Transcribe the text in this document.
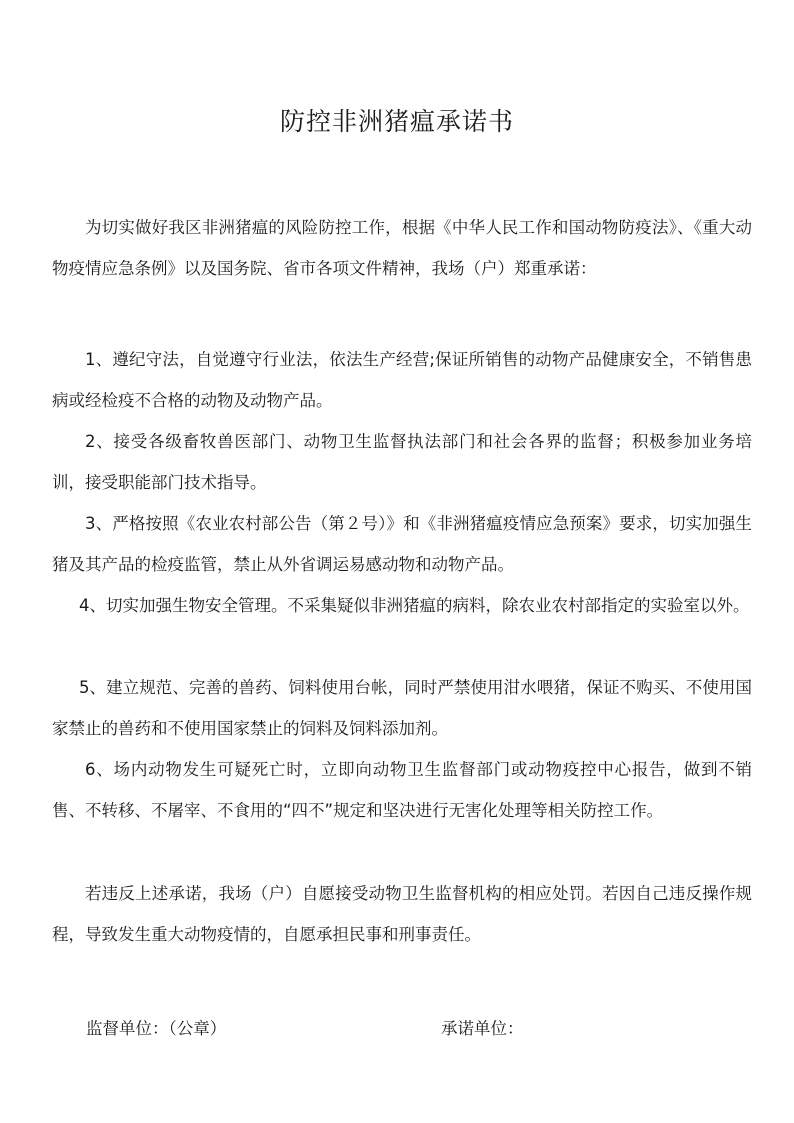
防控非洲猪瘟承诺书

为切实做好我区非洲猪瘟的风险防控工作，根据《中华人民工作和国动物防疫法》、《重大动物疫情应急条例》以及国务院、省市各项文件精神，我场（户）郑重承诺：

1、遵纪守法，自觉遵守行业法，依法生产经营;保证所销售的动物产品健康安全，不销售患病或经检疫不合格的动物及动物产品。

2、接受各级畜牧兽医部门、动物卫生监督执法部门和社会各界的监督；积极参加业务培训，接受职能部门技术指导。

3、严格按照《农业农村部公告（第２号）》和《非洲猪瘟疫情应急预案》要求，切实加强生猪及其产品的检疫监管，禁止从外省调运易感动物和动物产品。

4、切实加强生物安全管理。不采集疑似非洲猪瘟的病料，除农业农村部指定的实验室以外。

5、建立规范、完善的兽药、饲料使用台帐，同时严禁使用泔水喂猪，保证不购买、不使用国家禁止的兽药和不使用国家禁止的饲料及饲料添加剂。

6、场内动物发生可疑死亡时，立即向动物卫生监督部门或动物疫控中心报告，做到不销售、不转移、不屠宰、不食用的“四不”规定和坚决进行无害化处理等相关防控工作。

若违反上述承诺，我场（户）自愿接受动物卫生监督机构的相应处罚。若因自己违反操作规程，导致发生重大动物疫情的，自愿承担民事和刑事责任。

监督单位：（公章）	承诺单位：
